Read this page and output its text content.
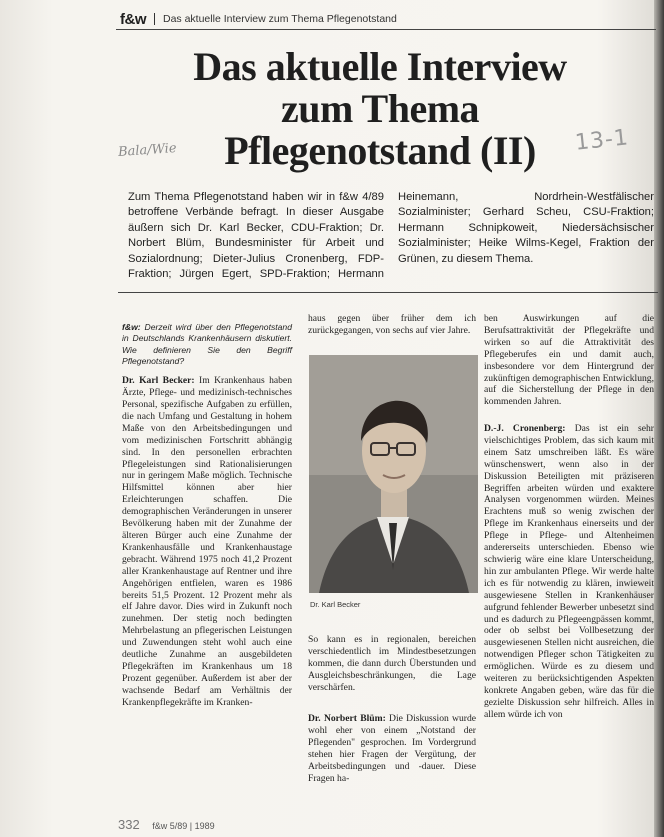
f&w Das aktuelle Interview zum Thema Pflegenotstand
Das aktuelle Interview
zum Thema
Pflegenotstand (II)
Bala/Wie	13-1
Zum Thema Pflegenotstand haben wir in f&w 4/89 betroffene Verbände befragt. In dieser Ausgabe äußern sich Dr. Karl Becker, CDU-Fraktion; Dr. Norbert Blüm, Bundesminister für Arbeit und Sozialordnung; Dieter-Julius Cronenberg, FDP-Fraktion; Jürgen Egert, SPD-Fraktion; Hermann Heinemann, Nordrhein-Westfälischer Sozialminister; Gerhard Scheu, CSU-Fraktion; Hermann Schnipkoweit, Niedersächsischer Sozialminister; Heike Wilms-Kegel, Fraktion der Grünen, zu diesem Thema.

f&w: Derzeit wird über den Pflegenotstand in Deutschlands Krankenhäusern diskutiert. Wie definieren Sie den Begriff Pflegenotstand?

Dr. Karl Becker: Im Krankenhaus haben Ärzte, Pflege- und medizinisch-technisches Personal, spezifische Aufgaben zu erfüllen, die nach Umfang und Gestaltung in hohem Maße von den Arbeitsbedingungen und vom medizinischen Fortschritt abhängig sind. In den personellen erbrachten Pflegeleistungen sind Rationalisierungen nur in geringem Maße möglich. Technische Hilfsmittel können aber hier Erleichterungen schaffen. Die demographischen Veränderungen in unserer Bevölkerung haben mit der Zunahme der älteren Bürger auch eine Zunahme der Krankenhausfälle und Krankenhaustage gebracht. Während 1975 noch 41,2 Prozent aller Krankenhaustage auf Rentner und ihre Angehörigen entfielen, waren es 1986 bereits 51,5 Prozent. 12 Prozent mehr als elf Jahre davor. Dies wird in Zukunft noch zunehmen. Der stetig noch bedingten Mehrbelastung an pflegerischen Leistungen und Zuwendungen steht wohl auch eine deutliche Zunahme an ausgebildeten Pflegekräften im Krankenhaus um 18 Prozent gegenüber. Außerdem ist aber der wachsende Bedarf am Verhältnis der Krankenpflegekräfte im Kranken-

haus gegen über früher dem ich zurückgegangen, von sechs auf vier Jahre.
Dr. Karl Becker
So kann es in regionalen, bereichen verschiedentlich im Mindestbesetzungen kommen, die dann durch Überstunden und Ausgleichsbeschränkungen, die Lage verschärfen.
Dr. Norbert Blüm: Die Diskussion wurde wohl eher von einem „Notstand der Pflegenden" gesprochen. Im Vordergrund stehen hier Fragen der Vergütung, der Arbeitsbedingungen und -dauer. Diese Fragen ha-
ben Auswirkungen auf die Berufsattraktivität der Pflegekräfte und wirken so auf die Attraktivität des Pflegeberufes ein und damit auch, insbesondere vor dem Hintergrund der zukünftigen demographischen Entwicklung, auf die Sicherstellung der Pflege in den kommenden Jahren.
D.-J. Cronenberg: Das ist ein sehr vielschichtiges Problem, das sich kaum mit einem Satz umschreiben läßt. Es wäre wünschenswert, wenn also in der Diskussion Beteiligten mit präziseren Begriffen arbeiten würden und exaktere Analysen vorgenommen würden. Meines Erachtens muß so wenig zwischen der Pflege im Krankenhaus einerseits und der Pflege in Pflege- und Altenheimen andererseits unterschieden. Ebenso wie schwierig wäre eine klare Unterscheidung, hin zur ambulanten Pflege. Wir werde halte ich es für notwendig zu klären, inwieweit ausgewiesene Stellen in Krankenhäuser aufgrund fehlender Bewerber unbesetzt sind und es dadurch zu Pflegeengpässen kommt, oder ob selbst bei Vollbesetzung der ausgewiesenen Stellen nicht ausreichen, die notwendigen Pfleger schon Tätigkeiten zu ermöglichen. Würde es zu diesem und weiteren zu berücksichtigenden Aspekten konkrete Angaben geben, wäre das für die gezielte Diskussion sehr hilfreich. Alles in allem würde ich von
332 f&w 5/89 | 1989
